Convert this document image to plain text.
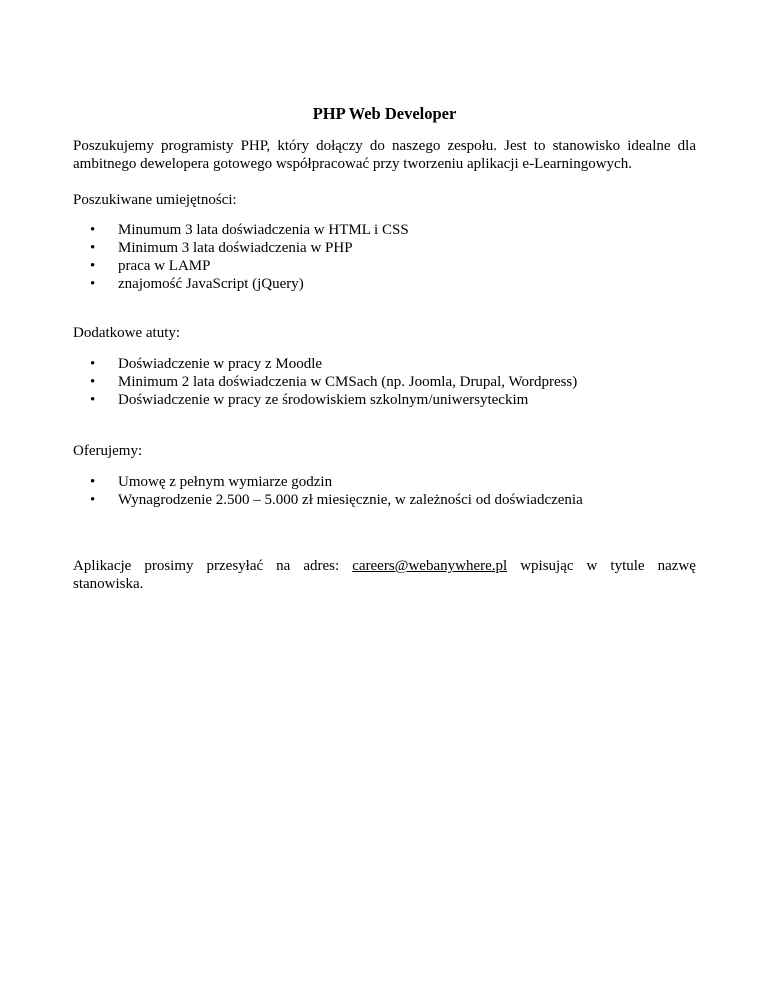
PHP Web Developer
Poszukujemy programisty PHP, który dołączy do naszego zespołu. Jest to stanowisko idealne dla ambitnego dewelopera gotowego współpracować przy tworzeniu aplikacji e-Learningowych.
Poszukiwane umiejętności:
• Minumum 3 lata doświadczenia w HTML i CSS
• Minimum 3 lata doświadczenia w PHP
• praca w LAMP
• znajomość JavaScript (jQuery)
Dodatkowe atuty:
• Doświadczenie w pracy z Moodle
• Minimum 2 lata doświadczenia w CMSach (np. Joomla, Drupal, Wordpress)
• Doświadczenie w pracy ze środowiskiem szkolnym/uniwersyteckim
Oferujemy:
• Umowę z pełnym wymiarze godzin
• Wynagrodzenie 2.500 – 5.000 zł miesięcznie, w zależności od doświadczenia
Aplikacje prosimy przesyłać na adres: careers@webanywhere.pl wpisując w tytule nazwę
stanowiska.
